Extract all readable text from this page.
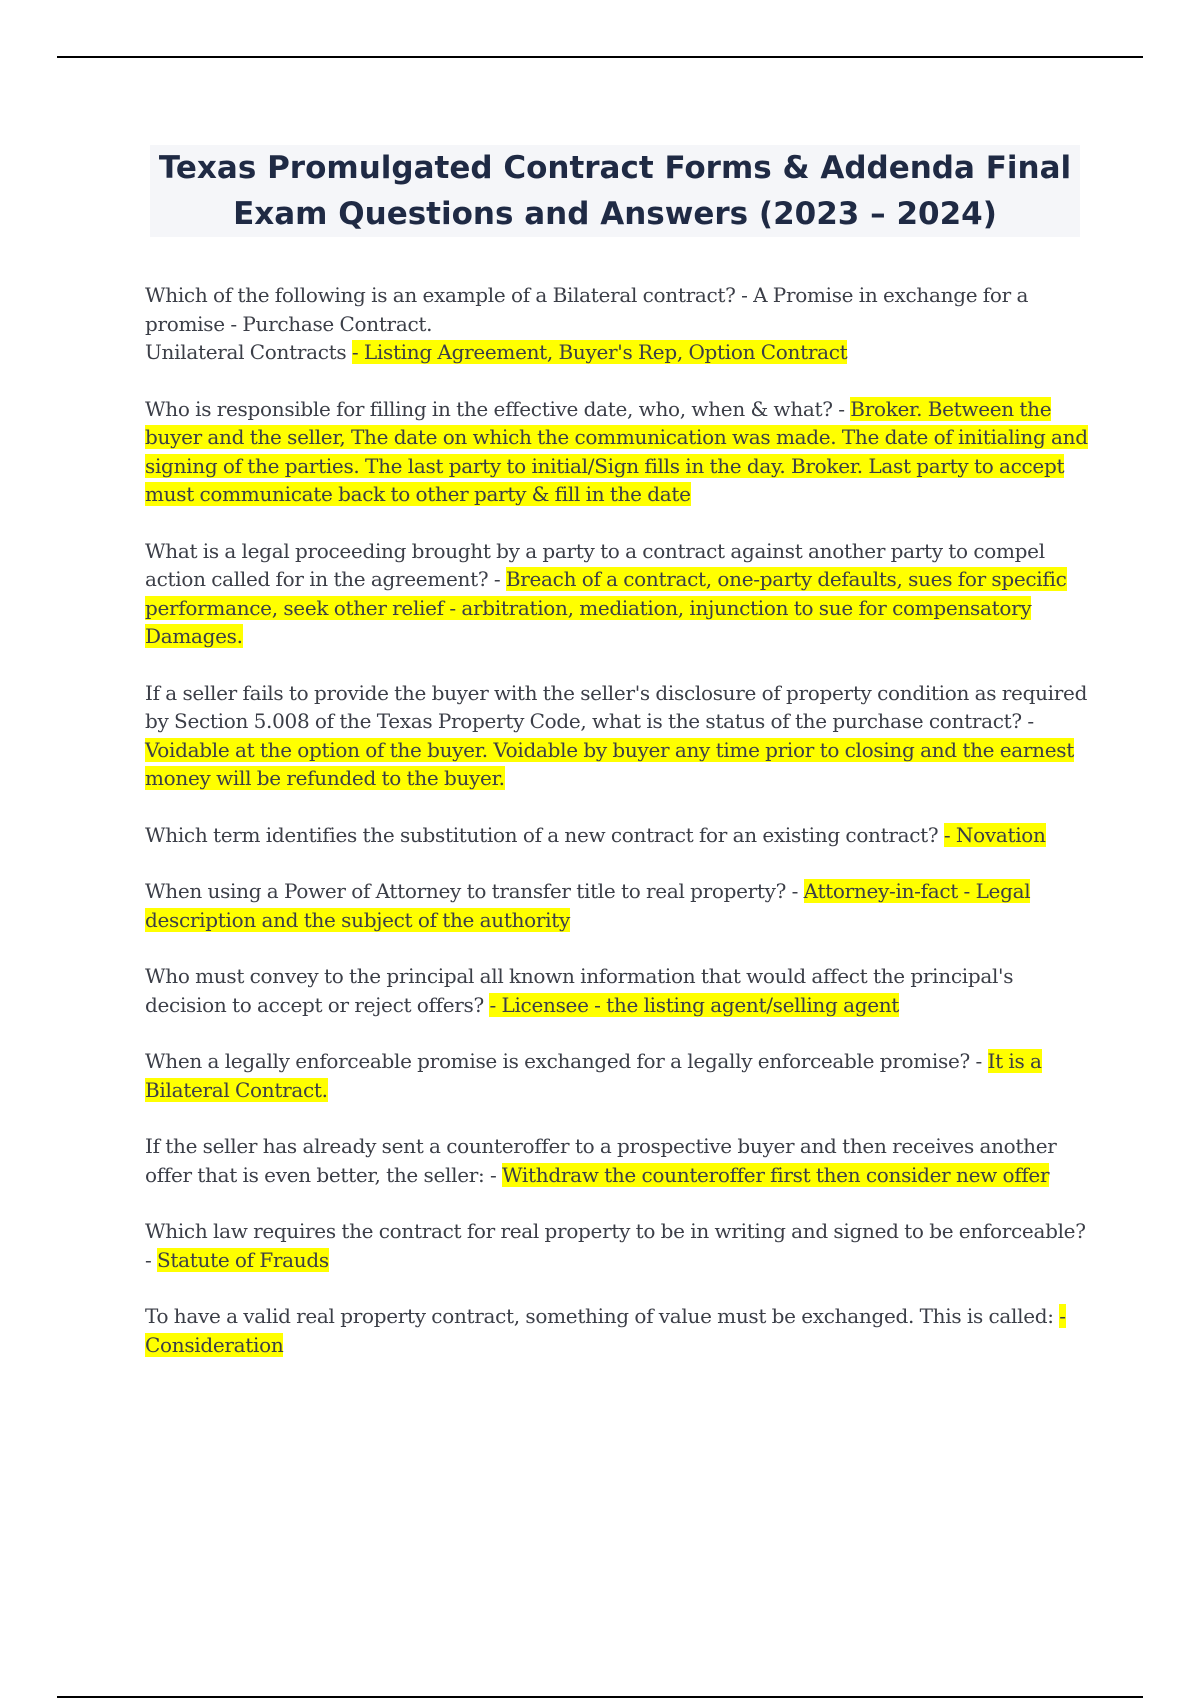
Texas Promulgated Contract Forms & Addenda Final
Exam Questions and Answers (2023 – 2024)

Which of the following is an example of a Bilateral contract? - A Promise in exchange for a promise - Purchase Contract.
Unilateral Contracts - Listing Agreement, Buyer's Rep, Option Contract

Who is responsible for filling in the effective date, who, when & what? - Broker. Between the buyer and the seller, The date on which the communication was made. The date of initialing and signing of the parties. The last party to initial/Sign fills in the day. Broker. Last party to accept must communicate back to other party & fill in the date

What is a legal proceeding brought by a party to a contract against another party to compel action called for in the agreement? - Breach of a contract, one-party defaults, sues for specific performance, seek other relief - arbitration, mediation, injunction to sue for compensatory Damages.

If a seller fails to provide the buyer with the seller's disclosure of property condition as required by Section 5.008 of the Texas Property Code, what is the status of the purchase contract? - Voidable at the option of the buyer. Voidable by buyer any time prior to closing and the earnest money will be refunded to the buyer.

Which term identifies the substitution of a new contract for an existing contract? - Novation

When using a Power of Attorney to transfer title to real property? - Attorney-in-fact - Legal description and the subject of the authority

Who must convey to the principal all known information that would affect the principal's decision to accept or reject offers? - Licensee - the listing agent/selling agent

When a legally enforceable promise is exchanged for a legally enforceable promise? - It is a Bilateral Contract.

If the seller has already sent a counteroffer to a prospective buyer and then receives another offer that is even better, the seller: - Withdraw the counteroffer first then consider new offer

Which law requires the contract for real property to be in writing and signed to be enforceable? - Statute of Frauds

To have a valid real property contract, something of value must be exchanged. This is called: - Consideration
